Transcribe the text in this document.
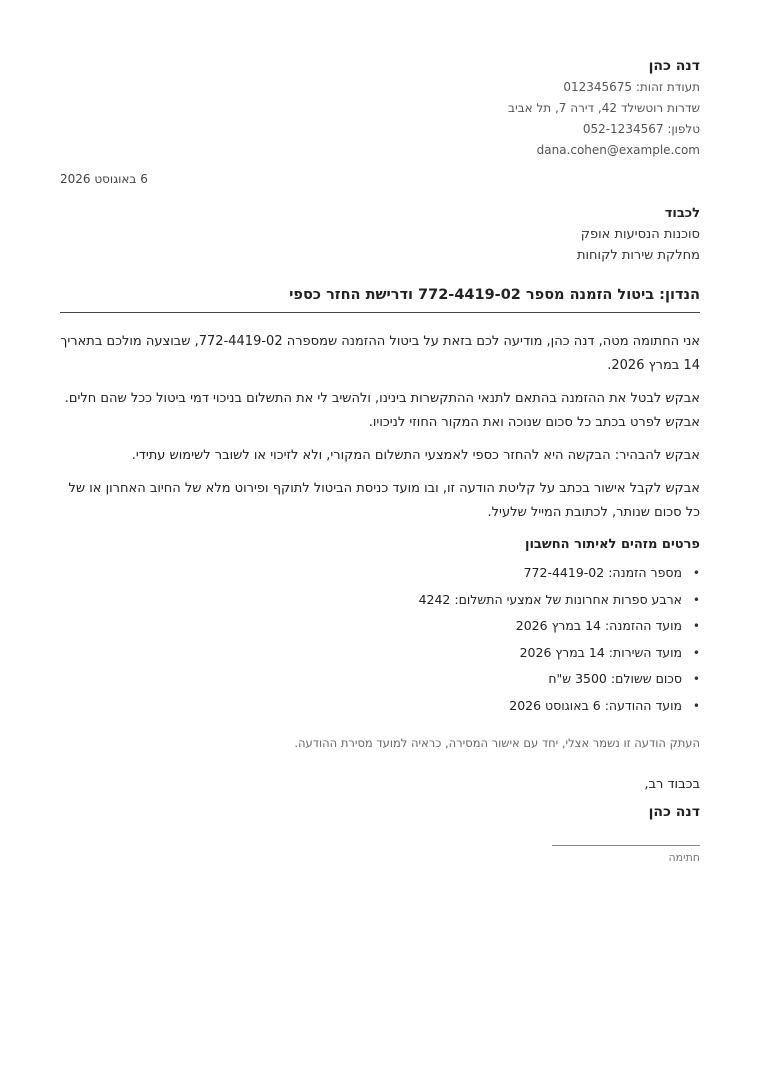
דנה כהן
תעודת זהות: 012345675
שדרות רוטשילד 42, דירה 7, תל אביב
טלפון: 052-1234567
dana.cohen@example.com
6 באוגוסט 2026
לכבוד
סוכנות הנסיעות אופק
מחלקת שירות לקוחות
הנדון: ביטול הזמנה מספר 772-4419-02 ודרישת החזר כספי

אני החתומה מטה, דנה כהן, מודיעה לכם בזאת על ביטול ההזמנה שמספרה 772-4419-02, שבוצעה מולכם בתאריך 14 במרץ 2026.

אבקש לבטל את ההזמנה בהתאם לתנאי ההתקשרות בינינו, ולהשיב לי את התשלום בניכוי דמי ביטול ככל שהם חלים. אבקש לפרט בכתב כל סכום שנוכה ואת המקור החוזי לניכויו.

אבקש להבהיר: הבקשה היא להחזר כספי לאמצעי התשלום המקורי, ולא לזיכוי או לשובר לשימוש עתידי.

אבקש לקבל אישור בכתב על קליטת הודעה זו, ובו מועד כניסת הביטול לתוקף ופירוט מלא של החיוב האחרון או של כל סכום שנותר, לכתובת המייל שלעיל.

פרטים מזהים לאיתור החשבון
•
מספר הזמנה: 772-4419-02
•
ארבע ספרות אחרונות של אמצעי התשלום: 4242
•
מועד ההזמנה: 14 במרץ 2026
•
מועד השירות: 14 במרץ 2026
•
סכום ששולם: 3500 ש"ח
•
מועד ההודעה: 6 באוגוסט 2026
העתק הודעה זו נשמר אצלי, יחד עם אישור המסירה, כראיה למועד מסירת ההודעה.
בכבוד רב,
דנה כהן
חתימה
